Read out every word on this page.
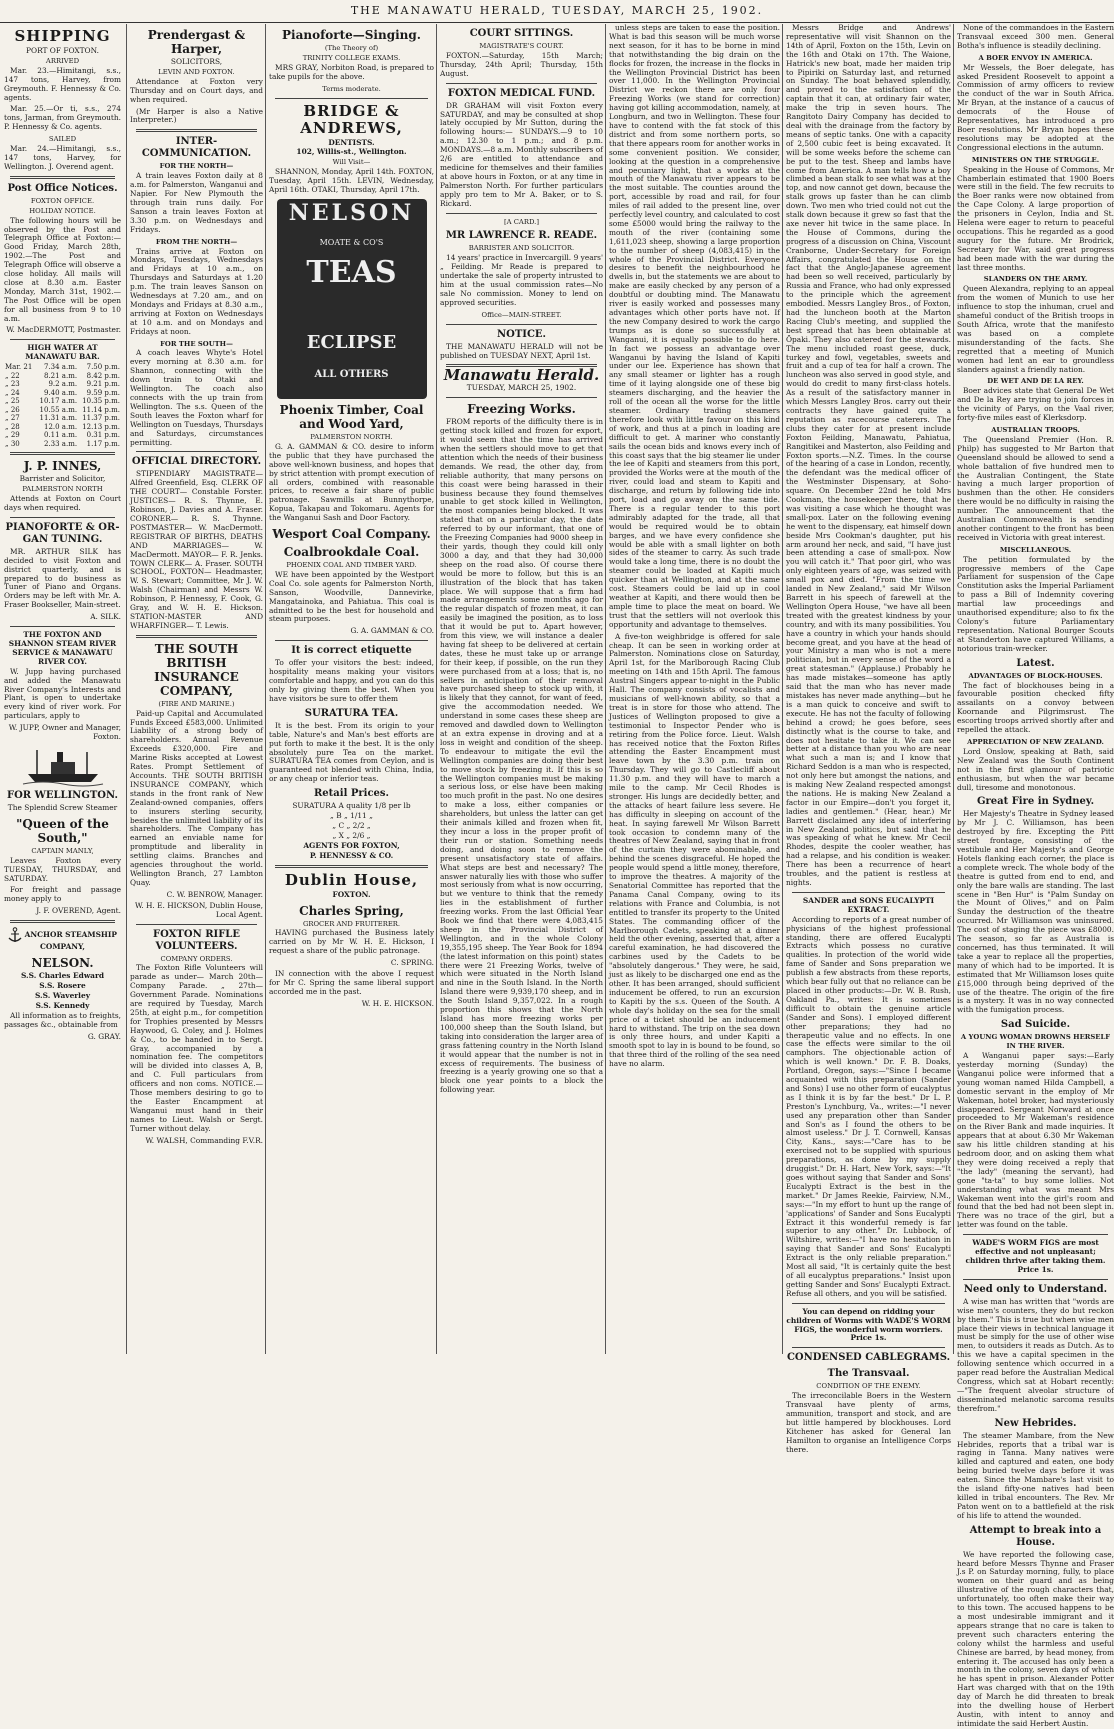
THE MANAWATU HERALD, TUESDAY, MARCH 25, 1902.
SHIPPING
PORT OF FOXTON.
ARRIVED

Mar. 23.—Himitangi, s.s., 147 tons, Harvey, from Greymouth. F. Hennessy & Co. agents.

Mar. 25.—Or ti, s.s., 274 tons, Jarman, from Greymouth. P. Hennessy & Co. agents.

SAILED

Mar. 24.—Himitangi, s.s., 147 tons, Harvey, for Wellington. J. Overend agent.

Post Office Notices.
FOXTON OFFICE.
HOLIDAY NOTICE.

The following hours will be observed by the Post and Telegraph Office at Foxton:— Good Friday, March 28th, 1902.—The Post and Telegraph Office will observe a close holiday. All mails will close at 8.30 a.m. Easter Monday, March 31st, 1902.—The Post Office will be open for all business from 9 to 10 a.m.

W. MacDERMOTT, Postmaster.
HIGH WATER AT MANAWATU BAR.
Mar. 21	7.34 a.m.	7.50 p.m.
„ 22	8.21 a.m.	8.42 p.m.
„ 23	9.2 a.m.	9.21 p.m.
„ 24	9.40 a.m.	9.59 p.m.
„ 25	10.17 a.m.	10.35 p.m.
„ 26	10.55 a.m.	11.14 p.m.
„ 27	11.31 a.m.	11.37 p.m.
„ 28	12.0 a.m.	12.13 p.m.
„ 29	0.11 a.m.	0.31 p.m.
„ 30	2.33 a.m.	1.17 p.m.
J. P. INNES,
Barrister and Solicitor,
PALMERSTON NORTH

Attends at Foxton on Court days when required.

PIANOFORTE & OR-GAN TUNING.

MR. ARTHUR SILK has decided to visit Foxton and district quarterly, and is prepared to do business as Tuner of Piano and Organs. Orders may be left with Mr. A. Fraser Bookseller, Main-street.

A. SILK.
THE FOXTON AND SHANNON STEAM RIVER SERVICE & MANAWATU RIVER COY.

W. Jupp having purchased and added the Manawatu River Company's Interests and Plant, is open to undertake every kind of river work. For particulars, apply to

W. JUPP, Owner and Manager, Foxton.
FOR WELLINGTON.
The Splendid Screw Steamer
"Queen of the South,"
CAPTAIN MANLY,

Leaves Foxton every TUESDAY, THURSDAY, and SATURDAY.

For freight and passage money apply to

J. F. OVEREND, Agent.
ANCHOR STEAMSHIP COMPANY,
NELSON.
S.S. Charles Edward
S.S. Rosere
S.S. Waverley
S.S. Kennedy

All information as to freights, passages &c., obtainable from

G. GRAY.
Prendergast & Harper,
SOLICITORS,
LEVIN AND FOXTON.

Attendance at Foxton very Thursday and on Court days, and when required.

(Mr Harper is also a Native Interpreter.)

INTER-COMMUNICATION.
FOR THE NORTH—

A train leaves Foxton daily at 8 a.m. for Palmerston, Wanganui and Napier. For New Plymouth the through train runs daily. For Sanson a train leaves Foxton at 3.30 p.m. on Wednesdays and Fridays.

FROM THE NORTH—

Trains arrive at Foxton on Mondays, Tuesdays, Wednesdays and Fridays at 10 a.m., on Thursdays and Saturdays at 1.20 p.m. The train leaves Sanson on Wednesdays at 7.20 am., and on Mondays and Fridays at 8.30 a.m., arriving at Foxton on Wednesdays at 10 a.m. and on Mondays and Fridays at noon.

FOR THE SOUTH—

A coach leaves Whyte's Hotel every morning at 8.30 a.m. for Shannon, connecting with the down train to Otaki and Wellington. The coach also connects with the up train from Wellington. The s.s. Queen of the South leaves the Foxton wharf for Wellington on Tuesdays, Thursdays and Saturdays, circumstances permitting.

OFFICIAL DIRECTORY.

STIPENDIARY MAGISTRATE— Alfred Greenfield, Esq. CLERK OF THE COURT— Constable Forster. JUSTICES— R. S. Thynne, E. Robinson, J. Davies and A. Fraser. CORONER— R. S. Thynne. POSTMASTER— W. MacDermott. REGISTRAR OF BIRTHS, DEATHS AND MARRIAGES— W. MacDermott. MAYOR— F. R. Jenks. TOWN CLERK— A. Fraser. SOUTH SCHOOL, FOXTON— Headmaster, W. S. Stewart; Committee, Mr J. W. Walsh (Chairman) and Messrs W. Robinson, P. Hennessy, F. Cook, G. Gray, and W. H. E. Hickson. STATION-MASTER AND WHARFINGER— T. Lewis.

THE SOUTH BRITISH INSURANCE COMPANY,
(FIRE AND MARINE.)

Paid-up Capital and Accumulated Funds Exceed £583,000. Unlimited Liability of a strong body of shareholders. Annual Revenue Exceeds £320,000. Fire and Marine Risks accepted at Lowest Rates. Prompt Settlement of Accounts. THE SOUTH BRITISH INSURANCE COMPANY, which stands in the front rank of New Zealand-owned companies, offers to insurers sterling security, besides the unlimited liability of its shareholders. The Company has earned an enviable name for promptitude and liberality in settling claims. Branches and agencies throughout the world. Wellington Branch, 27 Lambton Quay.

C. W. BENROW, Manager.
W. H. E. HICKSON, Dublin House, Local Agent.
FOXTON RIFLE VOLUNTEERS.
COMPANY ORDERS.

The Foxton Rifle Volunteers will parade as under— March 20th—Company Parade. „ 27th—Government Parade. Nominations are required by Tuesday, March 25th, at eight p.m., for competition for Trophies presented by Messrs Haywood, G. Coley, and J. Holmes & Co., to be handed in to Sergt. Gray, accompanied by a nomination fee. The competitors will be divided into classes A, B, and C. Full particulars from officers and non coms. NOTICE.—Those members desiring to go to the Easter Encampment at Wanganui must hand in their names to Lieut. Walsh or Sergt. Turner without delay.

W. WALSH, Commanding F.V.R.
Pianoforte—Singing.
(The Theory of)
TRINITY COLLEGE EXAMS.

MRS GRAY, Norbiton Road, is prepared to take pupils for the above.

Terms moderate.
BRIDGE & ANDREWS,
DENTISTS.
102, Willis-st., Wellington.
Will Visit—

SHANNON, Monday, April 14th. FOXTON, Tuesday, April 15th. LEVIN, Wednesday, April 16th. OTAKI, Thursday, April 17th.

NELSON
MOATE & CO'S
TEAS
ECLIPSE
ALL OTHERS
Phoenix Timber, Coal and Wood Yard,
PALMERSTON NORTH.

G. A. GAMMAN & CO. desire to inform the public that they have purchased the above well-known business, and hopes that by strict attention with prompt execution of all orders, combined with reasonable prices, to receive a fair share of public patronage. Sawmills at Bunnythorpe, Kopua, Takapau and Tokomaru. Agents for the Wanganui Sash and Door Factory.

Wesport Coal Company.
Coalbrookdale Coal.
PHOENIX COAL AND TIMBER YARD.

WE have been appointed by the Westport Coal Co. sole agents for Palmerston North, Sanson, Woodville, Dannevirke, Mangatainoka, and Pahiatua. This coal is admitted to be the best for household and steam purposes.

G. A. GAMMAN & CO.
It is correct etiquette

To offer your visitors the best: indeed, hospitality means making your visitors comfortable and happy, and you can do this only by giving them the best. When you have visitors be sure to offer them

SURATURA TEA.

It is the best. From its origin to your table, Nature's and Man's best efforts are put forth to make it the best. It is the only absolutely pure Tea on the market. SURATURA TEA comes from Ceylon, and is guaranteed not blended with China, India, or any cheap or inferior teas.

Retail Prices.
SURATURA A quality 1/8 per lb
„ B „ 1/11 „
„ C „ 2/2 „
„ X „ 2/6 „
AGENTS FOR FOXTON,
P. HENNESSY & CO.
Dublin House,
FOXTON.
Charles Spring,
GROCER AND FRUITERER.

HAVING purchased the Business lately carried on by Mr W. H. E. Hickson, I request a share of the public patronage.

C. SPRING.

IN connection with the above I request for Mr C. Spring the same liberal support accorded me in the past.

W. H. E. HICKSON.
COURT SITTINGS.
MAGISTRATE'S COURT.

FOXTON.—Saturday, 15th March; Thursday, 24th April; Thursday, 15th August.

FOXTON MEDICAL FUND.

DR GRAHAM will visit Foxton every SATURDAY, and may be consulted at shop lately occupied by Mr Sutton, during the following hours:— SUNDAYS.—9 to 10 a.m.; 12.30 to 1 p.m.; and 8 p.m. MONDAYS.—8 a.m. Monthly subscribers of 2/6 are entitled to attendance and medicine for themselves and their families at above hours in Foxton, or at any time in Palmerston North. For further particulars apply pro tem to Mr A. Baker, or to S. Rickard.

[A CARD.]
MR LAWRENCE R. READE.
BARRISTER AND SOLICITOR.

14 years' practice in Invercargill. 9 years' „ Feilding. Mr Reade is prepared to undertake the sale of property intrusted to him at the usual commission rates—No sale No commission. Money to lend on approved securities.

Office—MAIN-STREET.
NOTICE.

THE MANAWATU HERALD will not be published on TUESDAY NEXT, April 1st.

Manawatu Herald.
TUESDAY, MARCH 25, 1902.
Freezing Works.

FROM reports of the difficulty there is in getting stock killed and frozen for export, it would seem that the time has arrived when the settlers should move to get that attention which the needs of their business demands. We read, the other day, from reliable authority, that many persons on this coast were being harassed in their business because they found themselves unable to get stock killed in Wellington, the most companies being blocked. It was stated that on a particular day, the date referred to by our informant, that one of the Freezing Companies had 9000 sheep in their yards, though they could kill only 3000 a day, and that they had 30,000 sheep on the road also. Of course there would be more to follow, but this is an illustration of the block that has taken place. We will suppose that a firm had made arrangements some months ago for the regular dispatch of frozen meat, it can easily be imagined the position, as to loss that it would be put to. Apart however, from this view, we will instance a dealer having fat sheep to be delivered at certain dates, these he must take up or arrange for their keep, if possible, on the run they were purchased from at a loss; that is, no sellers in anticipation of their removal have purchased sheep to stock up with, it is likely that they cannot, for want of feed, give the accommodation needed. We understand in some cases these sheep are removed and dawdled down to Wellington at an extra expense in droving and at a loss in weight and condition of the sheep. To endeavour to mitigate the evil the Wellington companies are doing their best to move stock by freezing it. If this is so the Wellington companies must be making a serious loss, or else have been making too much profit in the past. No one desires to make a loss, either companies or shareholders, but unless the latter can get their animals killed and frozen when fit, they incur a loss in the proper profit of their run or station. Something needs doing, and doing soon to remove the present unsatisfactory state of affairs. What steps are best and necessary? The answer naturally lies with those who suffer most seriously from what is now occurring, but we venture to think that the remedy lies in the establishment of further freezing works. From the last Official Year Book we find that there were 4,083,415 sheep in the Provincial District of Wellington, and in the whole Colony 19,355,195 sheep. The Year Book for 1894 (the latest information on this point) states there were 21 Freezing Works, twelve of which were situated in the North Island and nine in the South Island. In the North Island there were 9,939,170 sheep, and in the South Island 9,357,022. In a rough proportion this shows that the North Island has more freezing works per 100,000 sheep than the South Island, but taking into consideration the larger area of grass fattening country in the North Island it would appear that the number is not in excess of requirements. The business of freezing is a yearly growing one so that a block one year points to a block the following year.

unless steps are taken to ease the position. What is bad this season will be much worse next season, for it has to be borne in mind that notwithstanding the big drain on the flocks for frozen, the increase in the flocks in the Wellington Provincial District has been over 11,000. In the Wellington Provincial District we reckon there are only four Freezing Works (we stand for correction) having got killing accommodation, namely, at Longburn, and two in Wellington. These four have to contend with the fat stock of this district and from some northern ports, so that there appears room for another works in some convenient position. We consider, looking at the question in a comprehensive and pecuniary light, that a works at the mouth of the Manawatu river appears to be the most suitable. The counties around the port, accessible by road and rail, for four miles of rail added to the present line, over perfectly level country, and calculated to cost some £5000 would bring the railway to the mouth of the river (containing some 1,611,023 sheep, showing a large proportion to the number of sheep (4,083,415) in the whole of the Provincial District. Everyone desires to benefit the neighbourhood he dwells in, but the statements we are about to make are easily checked by any person of a doubtful or doubting mind. The Manawatu river is easily worked and possesses many advantages which other ports have not. If the new Company desired to work the cargo trumps as is done so successfully at Wanganui, it is equally possible to do here. In fact we possess an advantage over Wanganui by having the Island of Kapiti under our lee. Experience has shown that any small steamer or lighter has a rough time of it laying alongside one of these big steamers discharging, and the heavier the roll of the ocean all the worse for the little steamer. Ordinary trading steamers therefore look with little favour on this kind of work, and thus at a pinch in loading are difficult to get. A mariner who constantly sails the ocean bids and knows every inch of this coast says that the big steamer lie under the lee of Kapiti and steamers from this port, provided the Works were at the mouth of the river, could load and steam to Kapiti and discharge, and return by following tide into port, load and go away on the same tide. There is a regular tender to this port admirably adapted for the trade, all that would be required would be to obtain barges, and we have every confidence she would be able with a small lighter on both sides of the steamer to carry. As such trade would take a long time, there is no doubt the steamer could be loaded at Kapiti much quicker than at Wellington, and at the same cost. Steamers could be laid up in cool weather at Kapiti, and there would then be ample time to place the meat on board. We trust that the settlers will not overlook this opportunity and advantage to themselves.

A five-ton weighbridge is offered for sale cheap. It can be seen in working order at Palmerston. Nominations close on Saturday, April 1st, for the Marlborough Racing Club meeting on 14th and 15th April. The famous Austral Singers appear to-night in the Public Hall. The company consists of vocalists and musicians of well-known ability, so that a treat is in store for those who attend. The Justices of Wellington proposed to give a testimonial to Inspector Pender who is retiring from the Police force. Lieut. Walsh has received notice that the Foxton Rifles attending the Easter Encampment must leave town by the 3.30 p.m. train on Thursday. They will go to Castlecliff about 11.30 p.m. and they will have to march a mile to the camp. Mr Cecil Rhodes is stronger. His lungs are decidedly better, and the attacks of heart failure less severe. He has difficulty in sleeping on account of the heat. In saying farewell Mr Wilson Barrett took occasion to condemn many of the theatres of New Zealand, saying that in front of the curtain they were abominable, and behind the scenes disgraceful. He hoped the people would spend a little money, therefore, to improve the theatres. A majority of the Senatorial Committee has reported that the Panama Canal Company, owing to its relations with France and Columbia, is not entitled to transfer its property to the United States. The commanding officer of the Marlborough Cadets, speaking at a dinner held the other evening, asserted that, after a careful examination, he had discovered the carbines used by the Cadets to be "absolutely dangerous." They were, he said, just as likely to be discharged one end as the other. It has been arranged, should sufficient inducement be offered, to run an excursion to Kapiti by the s.s. Queen of the South. A whole day's holiday on the sea for the small price of a ticket should be an inducement hard to withstand. The trip on the sea down is only three hours, and under Kapiti a smooth spot to lay in is bound to be found, so that three third of the rolling of the sea need have no alarm.

Messrs Bridge and Andrews' representative will visit Shannon on the 14th of April, Foxton on the 15th, Levin on the 16th and Otaki on 17th. The Waione, Hatrick's new boat, made her maiden trip to Pipiriki on Saturday last, and returned on Sunday. The boat behaved splendidly, and proved to the satisfaction of the captain that it can, at ordinary fair water, make the trip in seven hours. The Rangitoto Dairy Company has decided to deal with the drainage from the factory by means of septic tanks. One with a capacity of 2,500 cubic feet is being excavated. It will be some weeks before the scheme can be put to the test. Sheep and lambs have come from America. A man tells how a boy climbed a bean stalk to see what was at the top, and now cannot get down, because the stalk grows up faster than he can climb down. Two men who tried could not cut the stalk down because it grew so fast that the axe never hit twice in the same place. In the House of Commons, during the progress of a discussion on China, Viscount Cranborne, Under-Secretary for Foreign Affairs, congratulated the House on the fact that the Anglo-Japanese agreement had been so well received, particularly by Russia and France, who had only expressed to the principle which the agreement embodied. Messrs Langley Bros., of Foxton, had the luncheon booth at the Marton Racing Club's meeting, and supplied the best spread that has been obtainable at Ōpaki. They also catered for the stewards. The menu included roast geese, duck, turkey and fowl, vegetables, sweets and fruit and a cup of tea for half a crown. The luncheon was also served in good style, and would do credit to many first-class hotels. As a result of the satisfactory manner in which Messrs Langley Bros. carry out their contracts they have gained quite a reputation as racecourse caterers. The clubs they cater for at present include Foxton Feilding, Manawatu, Pahiatua, Rangitikei and Masterton, also Feilding and Foxton sports.—N.Z. Times. In the course of the hearing of a case in London, recently, the defendant was the medical officer of the Westminster Dispensary, at Soho-square. On December 22nd he told Mrs Cookman, the housekeeper there, that he was visiting a case which he thought was small-pox. Later on the following evening he went to the dispensary, eat himself down beside Mrs Cookman's daughter, put his arm around her neck, and said, "I have just been attending a case of small-pox. Now you will catch it." That poor girl, who was only eighteen years of age, was seized with small pox and died. "From the time we landed in New Zealand," said Mr Wilson Barrett in his speech of farewell at the Wellington Opera House, "we have all been treated with the greatest kindness by your country, and with its many possibilities. You have a country in which your hands should become great, and you have at the head of your Ministry a man who is not a mere politician, but in every sense of the word a great statesman." (Applause.) Probably he has made mistakes—someone has aptly said that the man who has never made mistakes has never made anything—but he is a man quick to conceive and swift to execute. He has not the faculty of following behind a crowd; he goes before, sees distinctly what is the course to take, and does not hesitate to take it. We can see better at a distance than you who are near what such a man is; and I know that Richard Seddon is a man who is respected, not only here but amongst the nations, and is making New Zealand respected amongst the nations. He is making New Zealand a factor in our Empire—don't you forget it, ladies and gentlemen." (Hear, hear.) Mr Barrett disclaimed any idea of interfering in New Zealand politics, but said that he was speaking of what he knew. Mr Cecil Rhodes, despite the cooler weather, has had a relapse, and his condition is weaker. There has been a recurrence of heart troubles, and the patient is restless at nights.

SANDER and SONS EUCALYPTI EXTRACT.

According to reports of a great number of physicians of the highest professional standing, there are offered Eucalypti Extracts which possess no curative qualities. In protection of the world wide fame of Sander and Sons preparation we publish a few abstracts from these reports, which bear fully out that no reliance can be placed in other products:—Dr. W. B. Rush, Oakland Pa., writes: It is sometimes difficult to obtain the genuine article (Sander and Sons). I employed different other preparations; they had no therapeutic value and no effects. In one case the effects were similar to the oil camphors. The objectionable action of which is well known." Dr. F. B. Doaks, Portland, Oregon, says:—"Since I became acquainted with this preparation (Sander and Sons) I use no other form of eucalyptus as I think it is by far the best." Dr L. P. Preston's Lynchburg, Va., writes:—"I never used any preparation other than Sander and Son's as I found the others to be almost useless." Dr J. T. Cornwell, Kansas City, Kans., says:—"Care has to be exercised not to be supplied with spurious preparations, as done by my supply druggist." Dr. H. Hart, New York, says:—"It goes without saying that Sander and Sons' Eucalypti Extract is the best in the market." Dr James Reekie, Fairview, N.M., says:—"In my effort to hunt up the range of 'applications' of Sander and Sons Eucalypti Extract it this wonderful remedy is far superior to any other." Dr. Lubbock, of Wiltshire, writes:—"I have no hesitation in saying that Sander and Sons' Eucalypti Extract is the only reliable preparation." Most all said, "It is certainly quite the best of all eucalyptus preparations." Insist upon getting Sander and Sons' Eucalypti Extract. Refuse all others, and you will be satisfied.

You can depend on ridding your children of Worms with WADE'S WORM FIGS, the wonderful worm worriers. Price 1s.
CONDENSED CABLEGRAMS.
The Transvaal.
CONDITION OF THE ENEMY.

The irreconcilable Boers in the Western Transvaal have plenty of arms, ammunition, transport and stock, and are but little hampered by blockhouses. Lord Kitchener has asked for General Ian Hamilton to organise an Intelligence Corps there.

None of the commandoes in the Eastern Transvaal exceed 300 men. General Botha's influence is steadily declining.

A BOER ENVOY IN AMERICA.

Mr Wessels, the Boer delegate, has asked President Roosevelt to appoint a Commission of army officers to review the conduct of the war in South Africa. Mr Bryan, at the instance of a caucus of democrats of the House of Representatives, has introduced a pro Boer resolutions. Mr Bryan hopes these resolutions may be adopted at the Congressional elections in the autumn.

MINISTERS ON THE STRUGGLE.

Speaking in the House of Commons, Mr Chamberlain estimated that 1900 Boers were still in the field. The few recruits to the Boer ranks were now obtained from the Cape Colony. A large proportion of the prisoners in Ceylon, India and St. Helena were eager to return to peaceful occupations. This he regarded as a good augury for the future. Mr Brodrick, Secretary for War, said great progress had been made with the war during the last three months.

SLANDERS ON THE ARMY.

Queen Alexandra, replying to an appeal from the women of Munich to use her influence to stop the inhuman, cruel and shameful conduct of the British troops in South Africa, wrote that the manifesto was based on a complete misunderstanding of the facts. She regretted that a meeting of Munich women had lent an ear to groundless slanders against a friendly nation.

DE WET AND DE LA REY.

Boer advices state that General De Wet and De la Rey are trying to join forces in the vicinity of Parys, on the Vaal river, forty-five miles east of Klerksdorp.

AUSTRALIAN TROOPS.

The Queensland Premier (Hon. R. Philp) has suggested to Mr Barton that Queensland should be allowed to send a whole battalion of five hundred men to the Australian Contingent, the State having a much larger proportion of bushmen than the other. He considers there would be no difficulty in raising the number. The announcement that the Australian Commonwealth is sending another contingent to the front has been received in Victoria with great interest.

MISCELLANEOUS.

The petition formulated by the progressive members of the Cape Parliament for suspension of the Cape Constitution asks the Imperial Parliament to pass a Bill of Indemnity covering martial law proceedings and unauthorised expenditure; also to fix the Colony's future Parliamentary representation. National Bourger Scouts at Standerton have captured Williams, a notorious train-wrecker.

Latest.
ADVANTAGES OF BLOCK-HOUSES.

The fact of blockhouses being in a favourable position checked fifty assailants on a convoy between Koornande and Pilgrimsrust. The escorting troops arrived shortly after and repelled the attack.

APPRECIATION OF NEW ZEALAND.

Lord Onslow, speaking at Bath, said New Zealand was the South Continent not in the first glamour of patriotic enthusiasm, but when the war became dull, tiresome and monotonous.

Great Fire in Sydney.

Her Majesty's Theatre in Sydney leased by Mr J. C. Williamson, has been destroyed by fire. Excepting the Pitt street frontage, consisting of the vestibule and Her Majesty's and George Hotels flanking each corner, the place is a complete wreck. The whole body of the theatre is gutted from end to end, and only the bare walls are standing. The last scene in "Ben Hur" is "Palm Sunday on the Mount of Olives," and on Palm Sunday the destruction of the theatre occurred. Mr Williamson was uninsured. The cost of staging the piece was £8000. The season, so far as Australia is concerned, has thus terminated. It will take a year to replace all the properties, many of which had to be imported. It is estimated that Mr Williamson loses quite £15,000 through being deprived of the use of the theatre. The origin of the fire is a mystery. It was in no way connected with the fumigation process.

Sad Suicide.
A YOUNG WOMAN DROWNS HERSELF IN THE RIVER.

A Wanganui paper says:—Early yesterday morning (Sunday) the Wanganui police were informed that a young woman named Hilda Campbell, a domestic servant in the employ of Mr Wakeman, hotel broker, had mysteriously disappeared. Sergeant Norward at once proceeded to Mr Wakeman's residence on the River Bank and made inquiries. It appears that at about 6.30 Mr Wakeman saw his little children standing at his bedroom door, and on asking them what they were doing received a reply that "the lady" (meaning the servant), had gone "ta-ta" to buy some lollies. Not understanding what was meant Mrs Wakeman went into the girl's room and found that the bed had not been slept in. There was no trace of the girl, but a letter was found on the table.

WADE'S WORM FIGS are most effective and not unpleasant; children thrive after taking them. Price 1s.
Need only to Understand.

A wise man has written that "words are wise men's counters, they do but reckon by them." This is true but when wise men place their views in technical language it must be simply for the use of other wise men, to outsiders it reads as Dutch. As to this we have a capital specimen in the following sentence which occurred in a paper read before the Australian Medical Congress, which sat at Hobart recently:—"The frequent alveolar structure of disseminated melanotic sarcoma results therefrom."

New Hebrides.

The steamer Mambare, from the New Hebrides, reports that a tribal war is raging in Tanna. Many natives were killed and captured and eaten, one body being buried twelve days before it was eaten. Since the Mambare's last visit to the island fifty-one natives had been killed in tribal encounters. The Rev. Mr Paton went on to a battlefield at the risk of his life to attend the wounded.

Attempt to break into a House.

We have reported the following case, heard before Messrs Thynne and Fraser J.s P. on Saturday morning, fully, to place women on their guard and as being illustrative of the rough characters that, unfortunately, too often make their way to this town. The accused happens to be a most undesirable immigrant and it appears strange that no care is taken to prevent such characters entering the colony whilst the harmless and useful Chinese are barred, by head money, from entering it. The accused has only been a month in the colony, seven days of which he has spent in prison. Alexander Potter Hart was charged with that on the 19th day of March he did threaten to break into the dwelling house of Herbert Austin, with intent to annoy and intimidate the said Herbert Austin.
